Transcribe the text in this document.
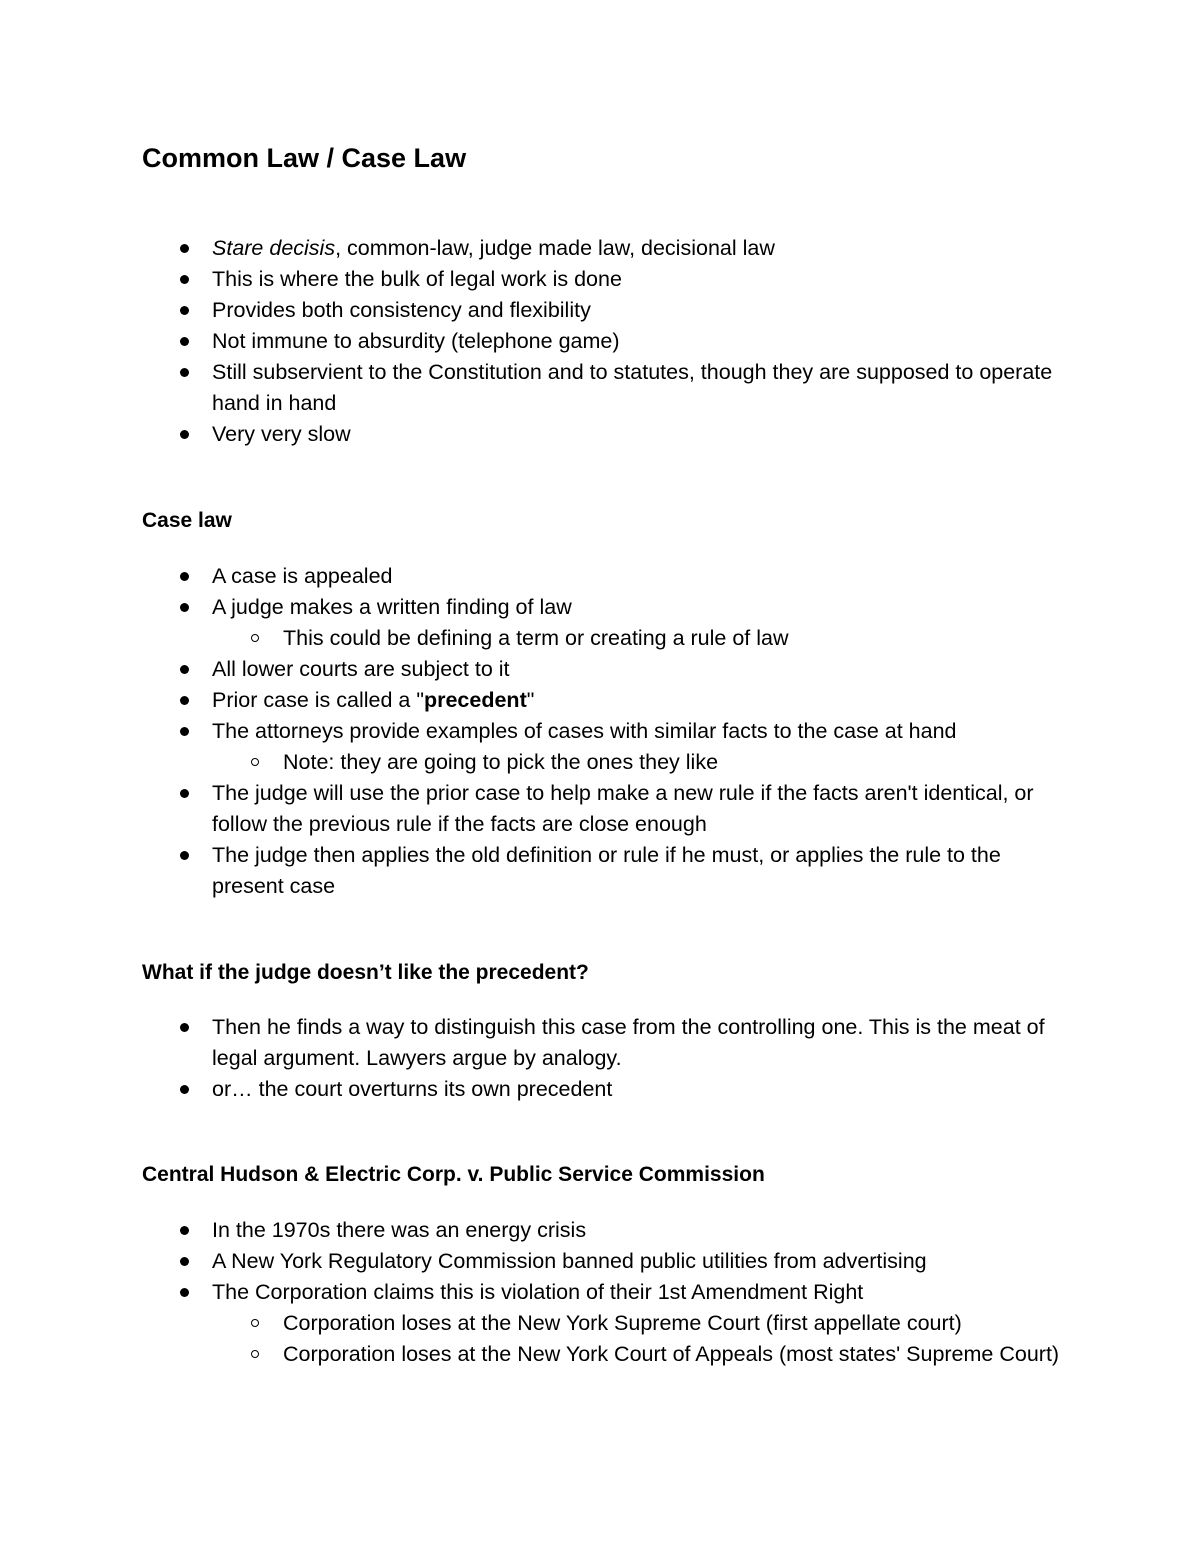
Common Law / Case Law
Stare decisis, common-law, judge made law, decisional law
This is where the bulk of legal work is done
Provides both consistency and flexibility
Not immune to absurdity (telephone game)
Still subservient to the Constitution and to statutes, though they are supposed to operate hand in hand
Very very slow
Case law
A case is appealed
A judge makes a written finding of law
This could be defining a term or creating a rule of law
All lower courts are subject to it
Prior case is called a "precedent"
The attorneys provide examples of cases with similar facts to the case at hand
Note: they are going to pick the ones they like
The judge will use the prior case to help make a new rule if the facts aren't identical, or follow the previous rule if the facts are close enough
The judge then applies the old definition or rule if he must, or applies the rule to the present case
What if the judge doesn’t like the precedent?
Then he finds a way to distinguish this case from the controlling one. This is the meat of legal argument. Lawyers argue by analogy.
or… the court overturns its own precedent
Central Hudson & Electric Corp. v. Public Service Commission
In the 1970s there was an energy crisis
A New York Regulatory Commission banned public utilities from advertising
The Corporation claims this is violation of their 1st Amendment Right
Corporation loses at the New York Supreme Court (first appellate court)
Corporation loses at the New York Court of Appeals (most states' Supreme Court)
